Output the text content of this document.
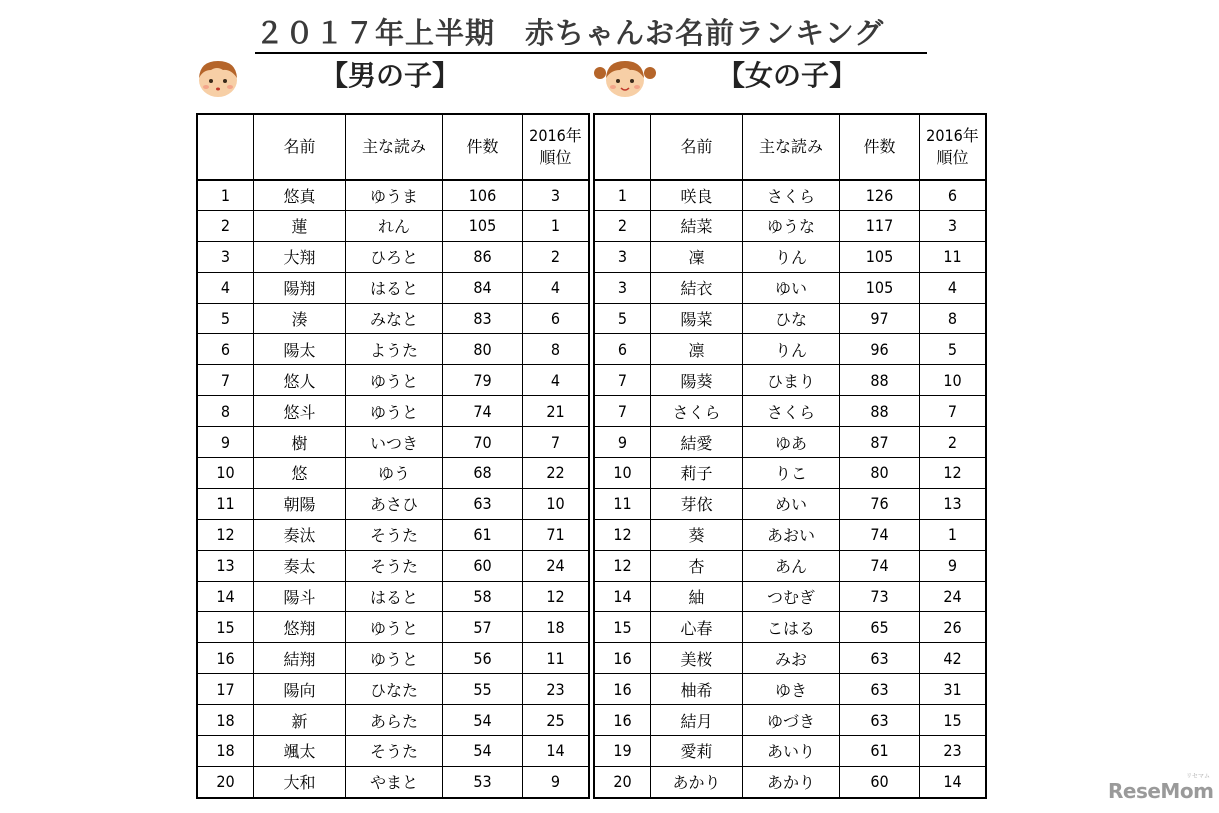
２０１７年上半期　赤ちゃんお名前ランキング
【男の子】	【女の子】
	名前	主な読み	件数	2016年
順位
1	悠真	ゆうま	106	3
2	蓮	れん	105	1
3	大翔	ひろと	86	2
4	陽翔	はると	84	4
5	湊	みなと	83	6
6	陽太	ようた	80	8
7	悠人	ゆうと	79	4
8	悠斗	ゆうと	74	21
9	樹	いつき	70	7
10	悠	ゆう	68	22
11	朝陽	あさひ	63	10
12	奏汰	そうた	61	71
13	奏太	そうた	60	24
14	陽斗	はると	58	12
15	悠翔	ゆうと	57	18
16	結翔	ゆうと	56	11
17	陽向	ひなた	55	23
18	新	あらた	54	25
18	颯太	そうた	54	14
20	大和	やまと	53	9
	名前	主な読み	件数	2016年
順位
1	咲良	さくら	126	6
2	結菜	ゆうな	117	3
3	凜	りん	105	11
3	結衣	ゆい	105	4
5	陽菜	ひな	97	8
6	凛	りん	96	5
7	陽葵	ひまり	88	10
7	さくら	さくら	88	7
9	結愛	ゆあ	87	2
10	莉子	りこ	80	12
11	芽依	めい	76	13
12	葵	あおい	74	1
12	杏	あん	74	9
14	紬	つむぎ	73	24
15	心春	こはる	65	26
16	美桜	みお	63	42
16	柚希	ゆき	63	31
16	結月	ゆづき	63	15
19	愛莉	あいり	61	23
20	あかり	あかり	60	14	リセマム
ReseMom
